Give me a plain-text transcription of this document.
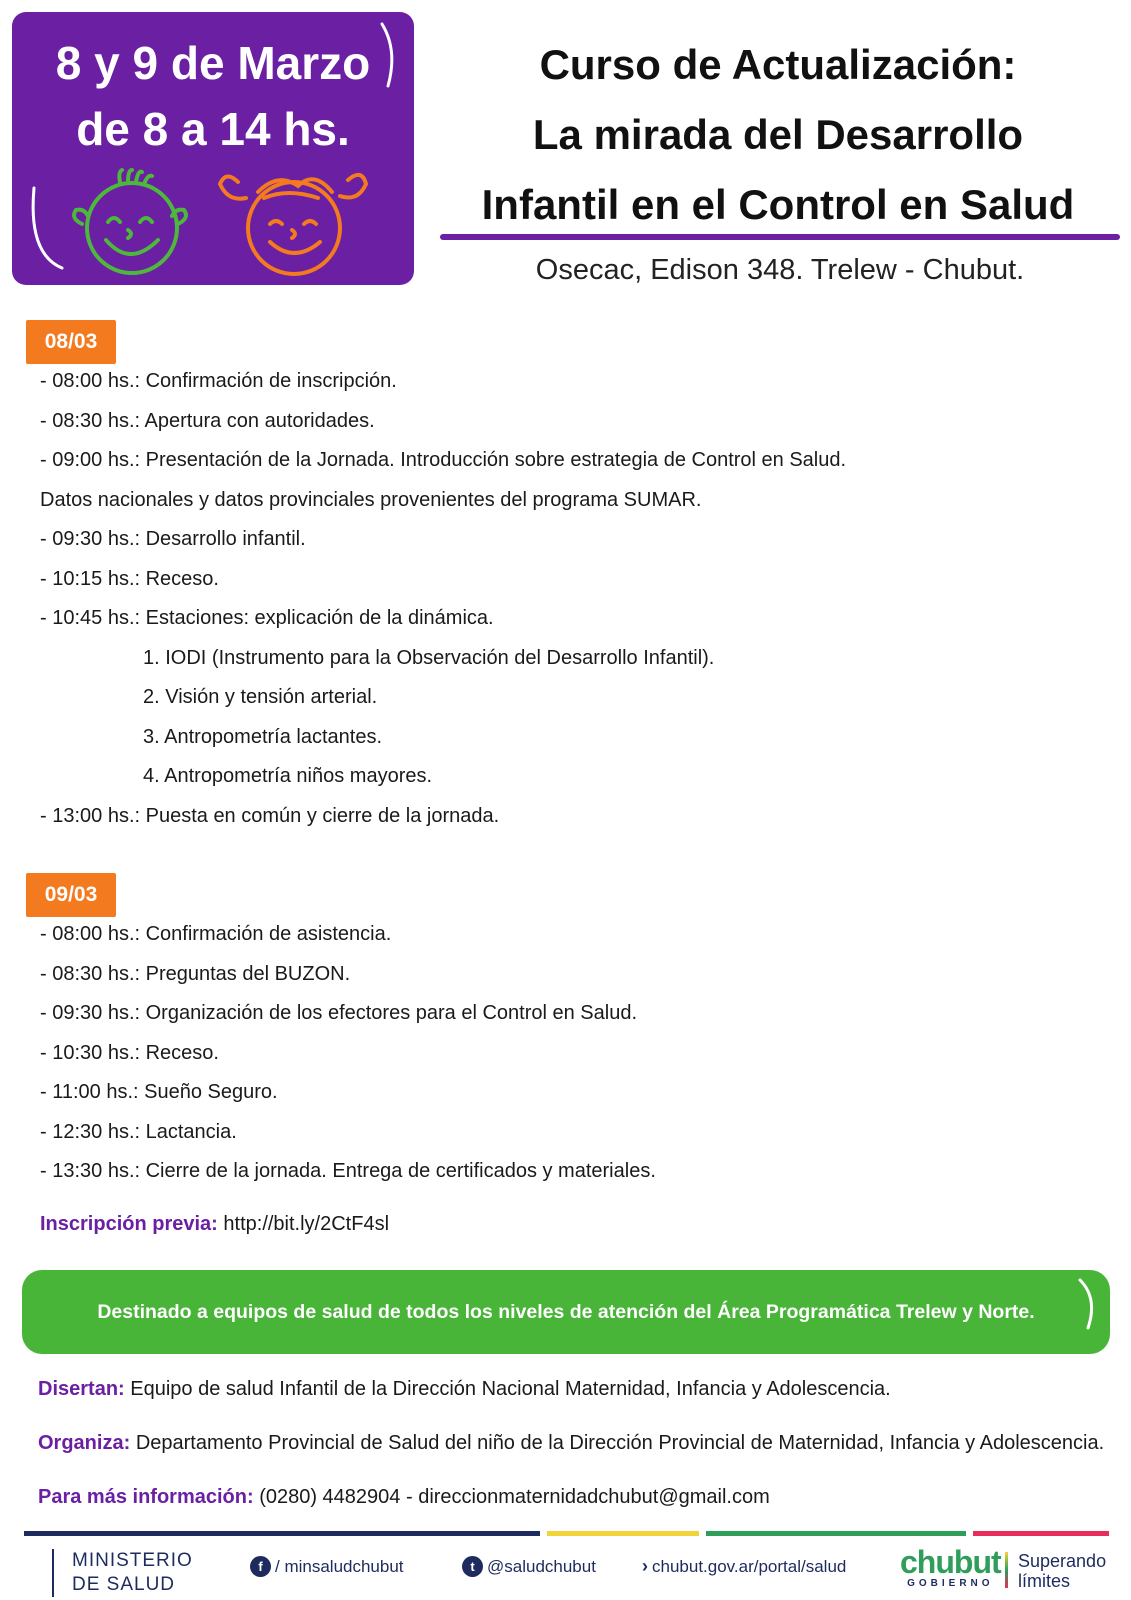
8 y 9 de Marzo
de 8 a 14 hs.
Curso de Actualización:
La mirada del Desarrollo
Infantil en el Control en Salud
Osecac, Edison 348. Trelew - Chubut.
08/03
- 08:00 hs.: Confirmación de inscripción.
- 08:30 hs.: Apertura con autoridades.
- 09:00 hs.: Presentación de la Jornada. Introducción sobre estrategia de Control en Salud.
Datos nacionales y datos provinciales provenientes del programa SUMAR.
- 09:30 hs.: Desarrollo infantil.
- 10:15 hs.: Receso.
- 10:45 hs.: Estaciones: explicación de la dinámica.
1. IODI (Instrumento para la Observación del Desarrollo Infantil).
2. Visión y tensión arterial.
3. Antropometría lactantes.
4. Antropometría niños mayores.
- 13:00 hs.: Puesta en común y cierre de la jornada.
09/03
- 08:00 hs.: Confirmación de asistencia.
- 08:30 hs.: Preguntas del BUZON.
- 09:30 hs.: Organización de los efectores para el Control en Salud.
- 10:30 hs.: Receso.
- 11:00 hs.: Sueño Seguro.
- 12:30 hs.: Lactancia.
- 13:30 hs.: Cierre de la jornada. Entrega de certificados y materiales.
Inscripción previa: http://bit.ly/2CtF4sl
Destinado a equipos de salud de todos los niveles de atención del Área Programática Trelew y Norte.
Disertan: Equipo de salud Infantil de la Dirección Nacional Maternidad, Infancia y Adolescencia.
Organiza: Departamento Provincial de Salud del niño de la Dirección Provincial de Maternidad, Infancia y Adolescencia.
Para más información: (0280) 4482904 - direccionmaternidadchubut@gmail.com
MINISTERIO
DE SALUD
f / minsaludchubut	t @saludchubut	› chubut.gov.ar/portal/salud chubut
GOBIERNO
Superando
límites
